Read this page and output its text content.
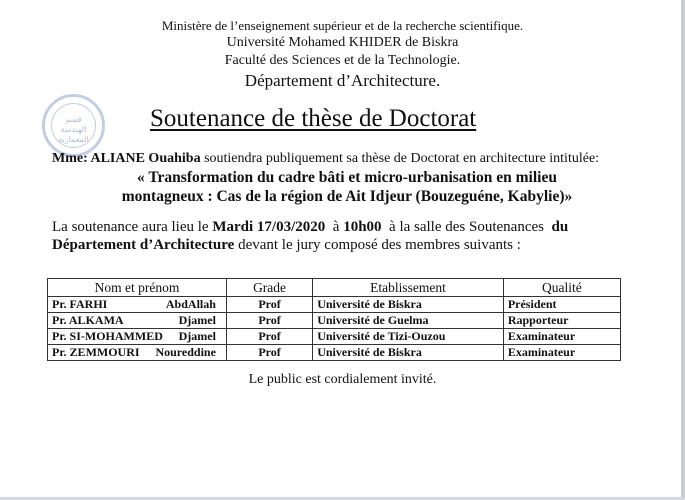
Ministère de l’enseignement supérieur et de la recherche scientifique.
Université Mohamed KHIDER de Biskra
Faculté des Sciences et de la Technologie.
Département d’Architecture.
قسم الهندسة
المعمارية
Soutenance de thèse de Doctorat
Mme: ALIANE Ouahiba soutiendra publiquement sa thèse de Doctorat en architecture intitulée:
« Transformation du cadre bâti et micro-urbanisation en milieu
montagneux : Cas de la région de Ait Idjeur (Bouzeguéne, Kabylie)»
La soutenance aura lieu le Mardi 17/03/2020  à 10h00  à la salle des Soutenances  du
Département d’Architecture devant le jury composé des membres suivants :
Nom et prénom	Grade	Etablissement	Qualité

Pr. FARHI AbdAllah	Prof	Université de Biskra	Président

Pr. ALKAMA Djamel	Prof	Université de Guelma	Rapporteur

Pr. SI-MOHAMMED Djamel	Prof	Université de Tizi-Ouzou	Examinateur

Pr. ZEMMOURI Noureddine	Prof	Université de Biskra	Examinateur
Le public est cordialement invité.
